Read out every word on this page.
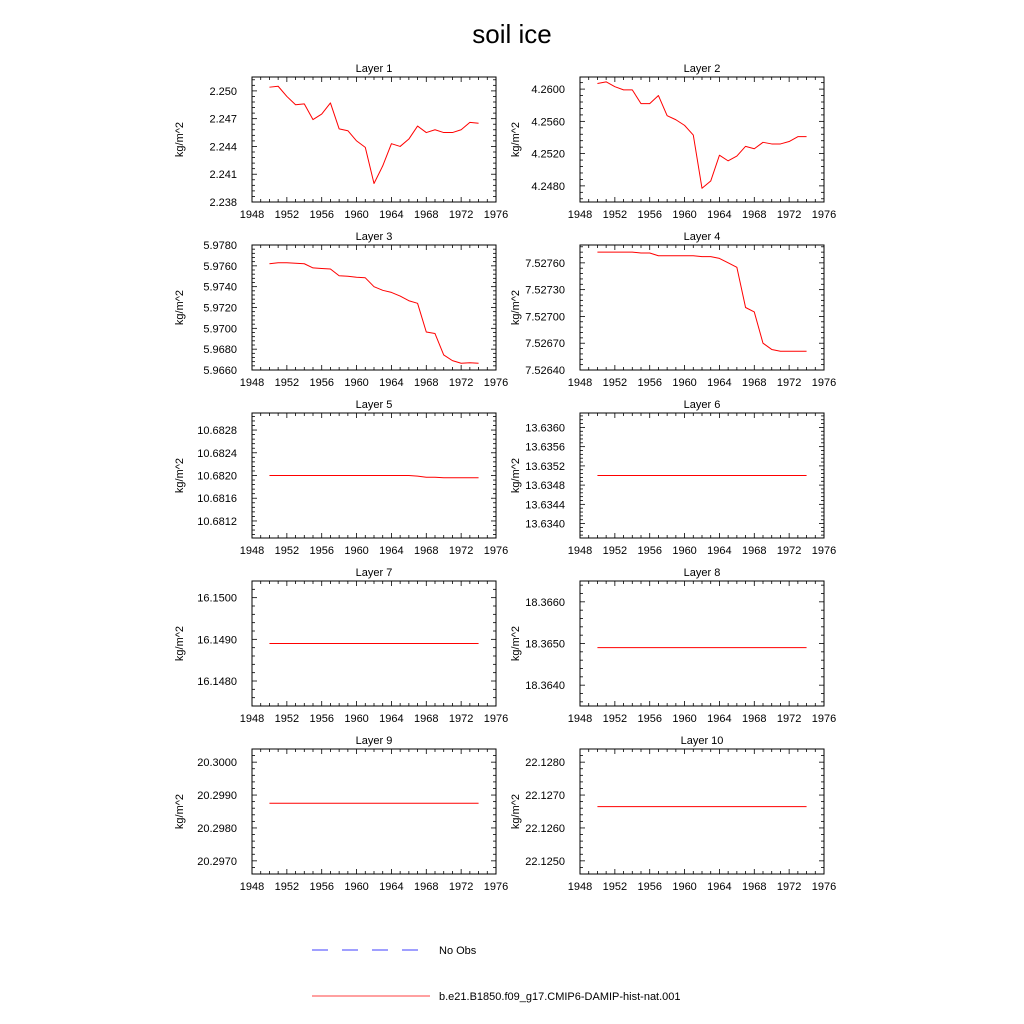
soil ice
Layer 1
1948 1952 1956 1960 1964 1968 1972 1976
2.238
2.241
2.244
2.247
2.250
kg/m^2
Layer 2
1948 1952 1956 1960 1964 1968 1972 1976
4.2480
4.2520
4.2560
4.2600
kg/m^2
Layer 3
1948 1952 1956 1960 1964 1968 1972 1976
5.9660
5.9680
5.9700
5.9720
5.9740
5.9760
5.9780
kg/m^2
Layer 4
1948 1952 1956 1960 1964 1968 1972 1976
7.52640
7.52670
7.52700
7.52730
7.52760
kg/m^2
Layer 5
1948 1952 1956 1960 1964 1968 1972 1976
10.6812
10.6816
10.6820
10.6824
10.6828
kg/m^2
Layer 6
1948 1952 1956 1960 1964 1968 1972 1976
13.6340
13.6344
13.6348
13.6352
13.6356
13.6360
kg/m^2
Layer 7
1948 1952 1956 1960 1964 1968 1972 1976
16.1480
16.1490
16.1500
kg/m^2
Layer 8
1948 1952 1956 1960 1964 1968 1972 1976
18.3640
18.3650
18.3660
kg/m^2
Layer 9
1948 1952 1956 1960 1964 1968 1972 1976
20.2970
20.2980
20.2990
20.3000
kg/m^2
Layer 10
1948 1952 1956 1960 1964 1968 1972 1976
22.1250
22.1260
22.1270
22.1280
kg/m^2
No Obs
b.e21.B1850.f09_g17.CMIP6-DAMIP-hist-nat.001
